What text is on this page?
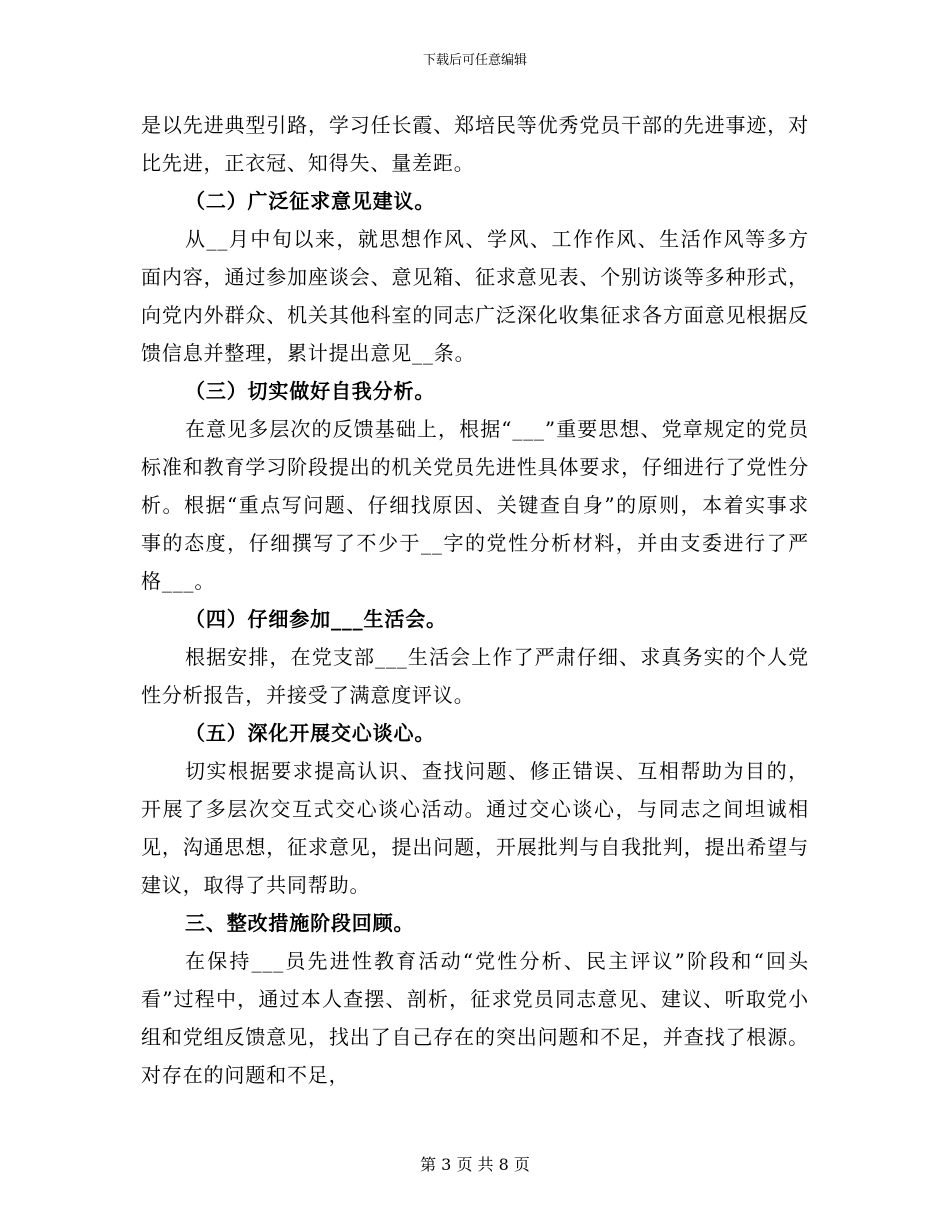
下载后可任意编辑

是以先进典型引路，学习任长霞、郑培民等优秀党员干部的先进事迹，对比先进，正衣冠、知得失、量差距。

（二）广泛征求意见建议。

从__月中旬以来，就思想作风、学风、工作作风、生活作风等多方面内容，通过参加座谈会、意见箱、征求意见表、个别访谈等多种形式，向党内外群众、机关其他科室的同志广泛深化收集征求各方面意见根据反馈信息并整理，累计提出意见__条。

（三）切实做好自我分析。

在意见多层次的反馈基础上，根据“___”重要思想、党章规定的党员标准和教育学习阶段提出的机关党员先进性具体要求，仔细进行了党性分析。根据“重点写问题、仔细找原因、关键查自身”的原则，本着实事求事的态度，仔细撰写了不少于__字的党性分析材料，并由支委进行了严格___。

（四）仔细参加___生活会。

根据安排，在党支部___生活会上作了严肃仔细、求真务实的个人党性分析报告，并接受了满意度评议。

（五）深化开展交心谈心。

切实根据要求提高认识、查找问题、修正错误、互相帮助为目的，开展了多层次交互式交心谈心活动。通过交心谈心，与同志之间坦诚相见，沟通思想，征求意见，提出问题，开展批判与自我批判，提出希望与建议，取得了共同帮助。

三、整改措施阶段回顾。

在保持___员先进性教育活动“党性分析、民主评议”阶段和“回头看”过程中，通过本人查摆、剖析，征求党员同志意见、建议、听取党小组和党组反馈意见，找出了自己存在的突出问题和不足，并查找了根源。对存在的问题和不足，

第 3 页 共 8 页
